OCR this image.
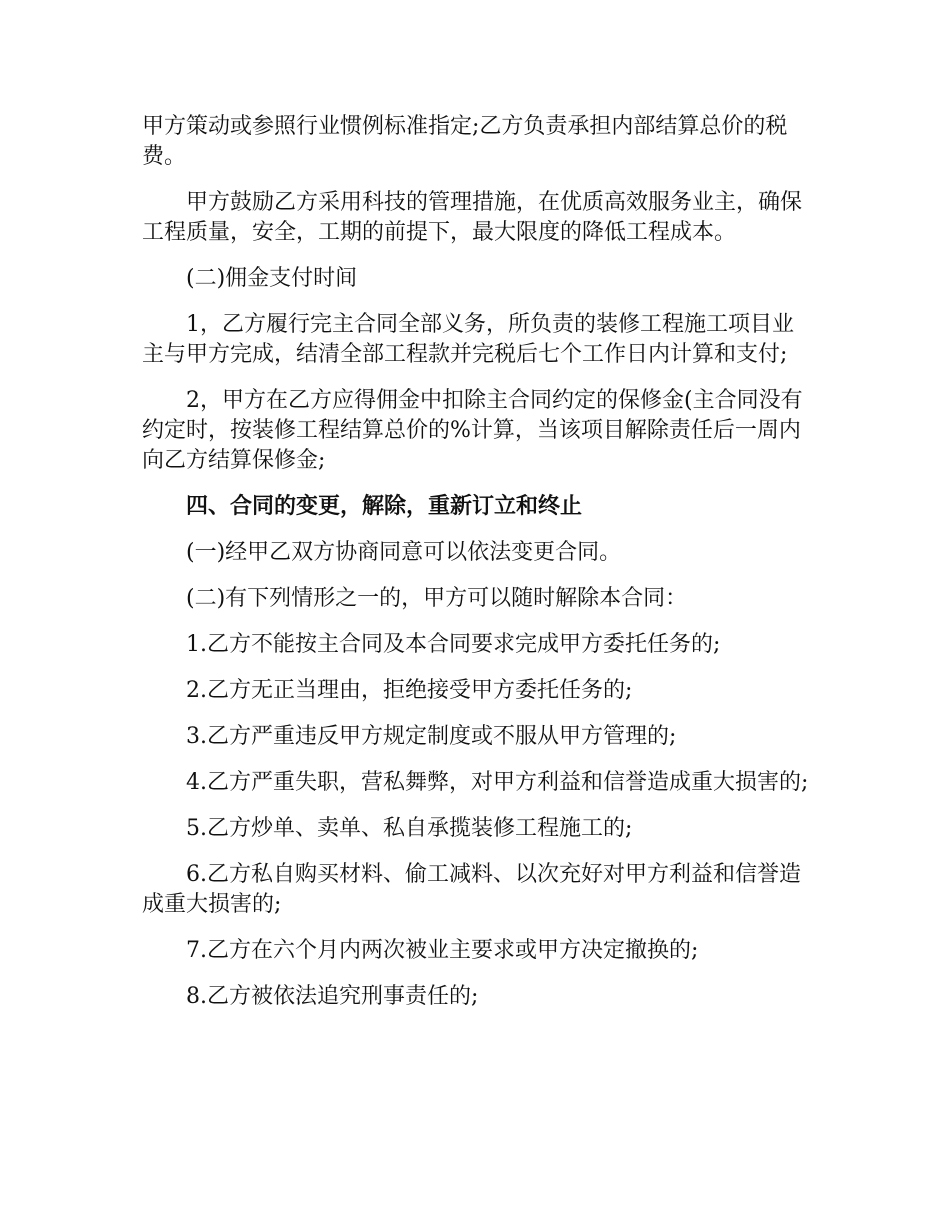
甲方策动或参照行业惯例标准指定;乙方负责承担内部结算总价的税费。

甲方鼓励乙方采用科技的管理措施，在优质高效服务业主，确保工程质量，安全，工期的前提下，最大限度的降低工程成本。

(二)佣金支付时间

1，乙方履行完主合同全部义务，所负责的装修工程施工项目业主与甲方完成，结清全部工程款并完税后七个工作日内计算和支付;

2，甲方在乙方应得佣金中扣除主合同约定的保修金(主合同没有约定时，按装修工程结算总价的%计算，当该项目解除责任后一周内向乙方结算保修金;

四、合同的变更，解除，重新订立和终止

(一)经甲乙双方协商同意可以依法变更合同。

(二)有下列情形之一的，甲方可以随时解除本合同：

1.乙方不能按主合同及本合同要求完成甲方委托任务的;

2.乙方无正当理由，拒绝接受甲方委托任务的;

3.乙方严重违反甲方规定制度或不服从甲方管理的;

4.乙方严重失职，营私舞弊，对甲方利益和信誉造成重大损害的;

5.乙方炒单、卖单、私自承揽装修工程施工的;

6.乙方私自购买材料、偷工减料、以次充好对甲方利益和信誉造成重大损害的;

7.乙方在六个月内两次被业主要求或甲方决定撤换的;

8.乙方被依法追究刑事责任的;
